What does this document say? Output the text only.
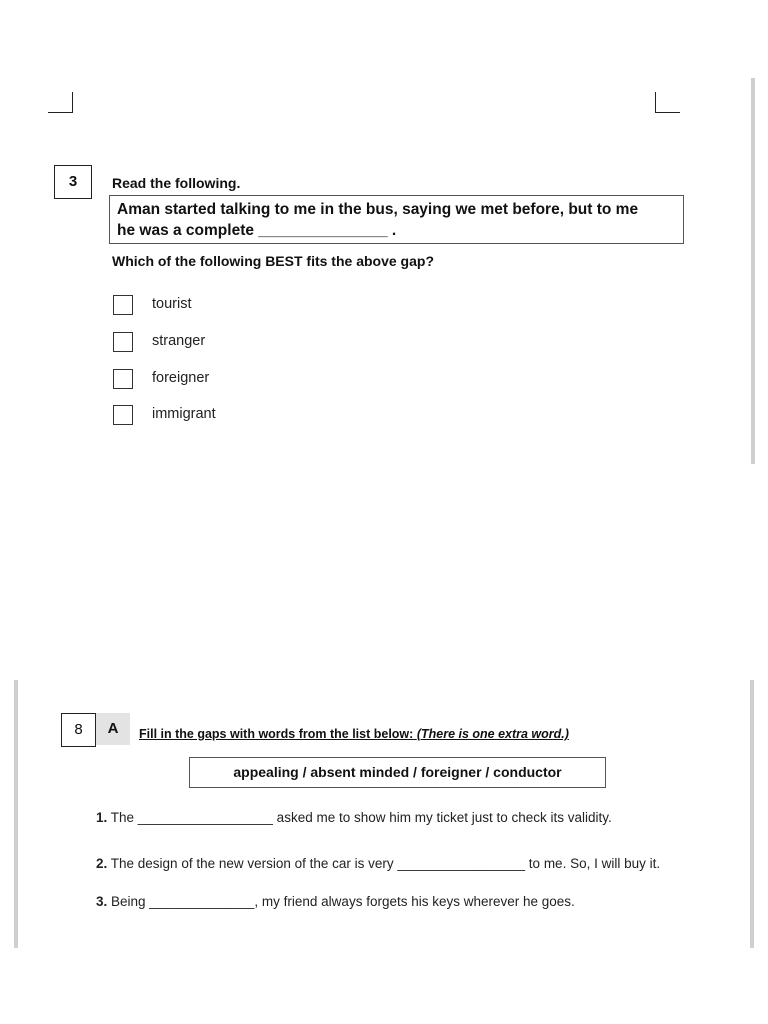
3	Read the following.
Aman started talking to me in the bus, saying we met before, but to me
he was a complete _______________ .
Which of the following BEST fits the above gap?
tourist
stranger
foreigner
immigrant
8	A	Fill in the gaps with words from the list below: (There is one extra word.)
appealing / absent minded / foreigner / conductor
1. The __________________ asked me to show him my ticket just to check its validity.
2. The design of the new version of the car is very _________________ to me. So, I will buy it.
3. Being ______________, my friend always forgets his keys wherever he goes.
